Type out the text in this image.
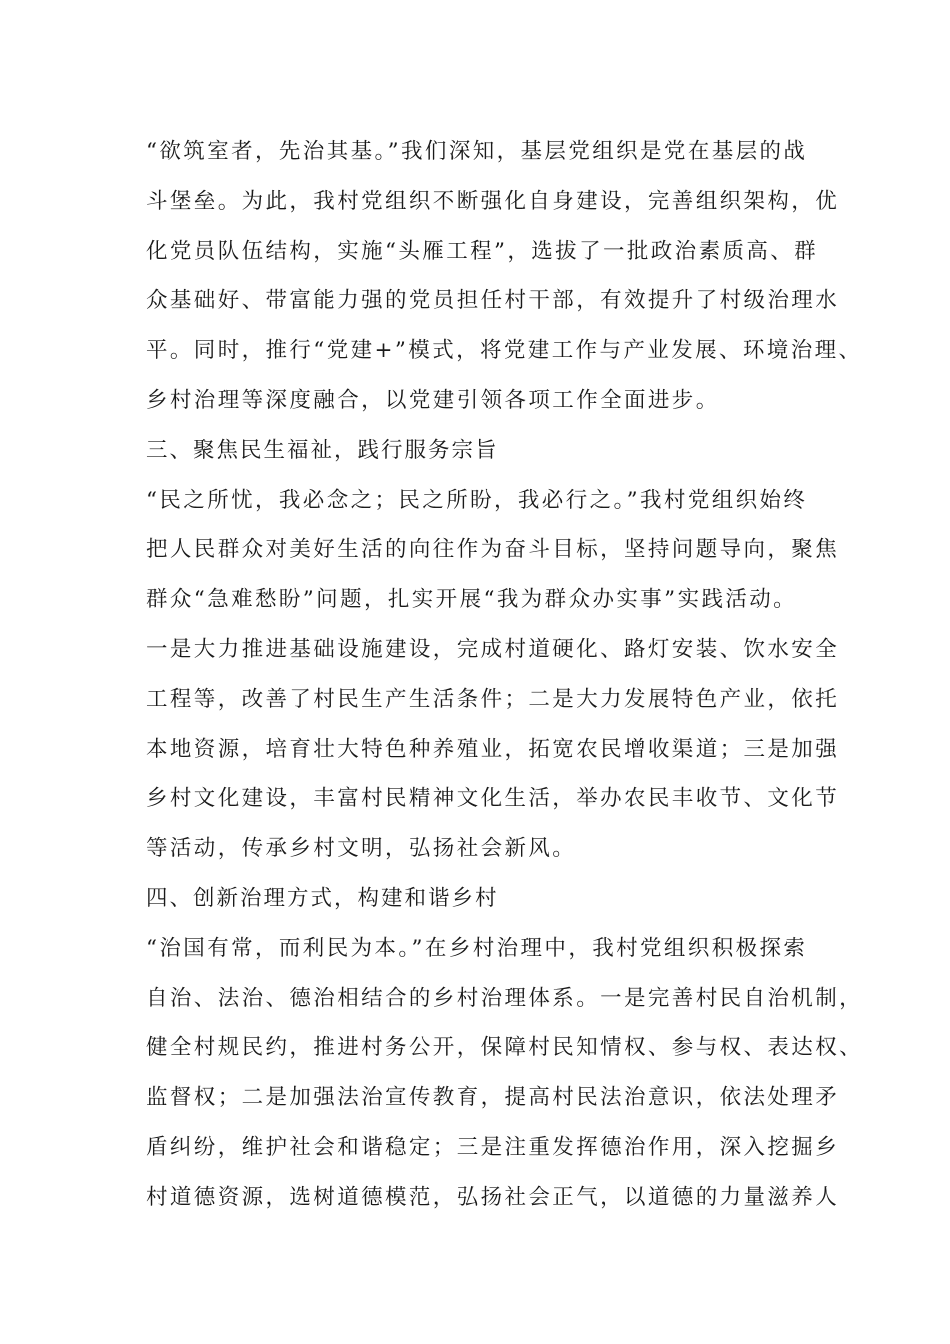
“欲筑室者，先治其基。”我们深知，基层党组织是党在基层的战
斗堡垒。为此，我村党组织不断强化自身建设，完善组织架构，优
化党员队伍结构，实施“头雁工程”，选拔了一批政治素质高、群
众基础好、带富能力强的党员担任村干部，有效提升了村级治理水
平。同时，推行“党建+”模式，将党建工作与产业发展、环境治理、
乡村治理等深度融合，以党建引领各项工作全面进步。
三、聚焦民生福祉，践行服务宗旨
“民之所忧，我必念之；民之所盼，我必行之。”我村党组织始终
把人民群众对美好生活的向往作为奋斗目标，坚持问题导向，聚焦
群众“急难愁盼”问题，扎实开展“我为群众办实事”实践活动。
一是大力推进基础设施建设，完成村道硬化、路灯安装、饮水安全
工程等，改善了村民生产生活条件；二是大力发展特色产业，依托
本地资源，培育壮大特色种养殖业，拓宽农民增收渠道；三是加强
乡村文化建设，丰富村民精神文化生活，举办农民丰收节、文化节
等活动，传承乡村文明，弘扬社会新风。
四、创新治理方式，构建和谐乡村
“治国有常，而利民为本。”在乡村治理中，我村党组织积极探索
自治、法治、德治相结合的乡村治理体系。一是完善村民自治机制，
健全村规民约，推进村务公开，保障村民知情权、参与权、表达权、
监督权；二是加强法治宣传教育，提高村民法治意识，依法处理矛
盾纠纷，维护社会和谐稳定；三是注重发挥德治作用，深入挖掘乡
村道德资源，选树道德模范，弘扬社会正气，以道德的力量滋养人
